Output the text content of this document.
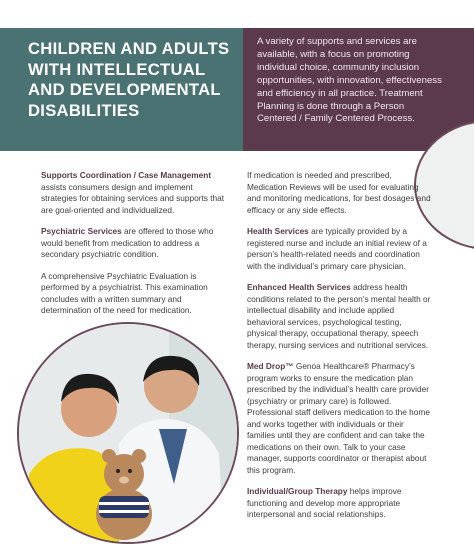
CHILDREN AND ADULTS WITH INTELLECTUAL AND DEVELOPMENTAL DISABILITIES
A variety of supports and services are available, with a focus on promoting individual choice, community inclusion opportunities, with innovation, effectiveness and efficiency in all practice. Treatment Planning is done through a Person Centered / Family Centered Process.

Supports Coordination / Case Management assists consumers design and implement strategies for obtaining services and supports that are goal-oriented and individualized.

Psychiatric Services are offered to those who would benefit from medication to address a secondary psychiatric condition.

A comprehensive Psychiatric Evaluation is performed by a psychiatrist. This examination concludes with a written summary and determination of the need for medication.

If medication is needed and prescribed, Medication Reviews will be used for evaluating and monitoring medications, for best dosages and efficacy or any side effects.

Health Services are typically provided by a registered nurse and include an initial review of a person’s health-related needs and coordination with the individual’s primary care physician.

Enhanced Health Services address health conditions related to the person’s mental health or intellectual disability and include applied behavioral services, psychological testing, physical therapy, occupational therapy, speech therapy, nursing services and nutritional services.

Med Drop™ Genoa Healthcare® Pharmacy’s program works to ensure the medication plan prescribed by the individual’s health care provider (psychiatry or primary care) is followed. Professional staff delivers medication to the home and works together with individuals or their families until they are confident and can take the medications on their own. Talk to your case manager, supports coordinator or therapist about this program.

Individual/Group Therapy helps improve functioning and develop more appropriate interpersonal and social relationships.
